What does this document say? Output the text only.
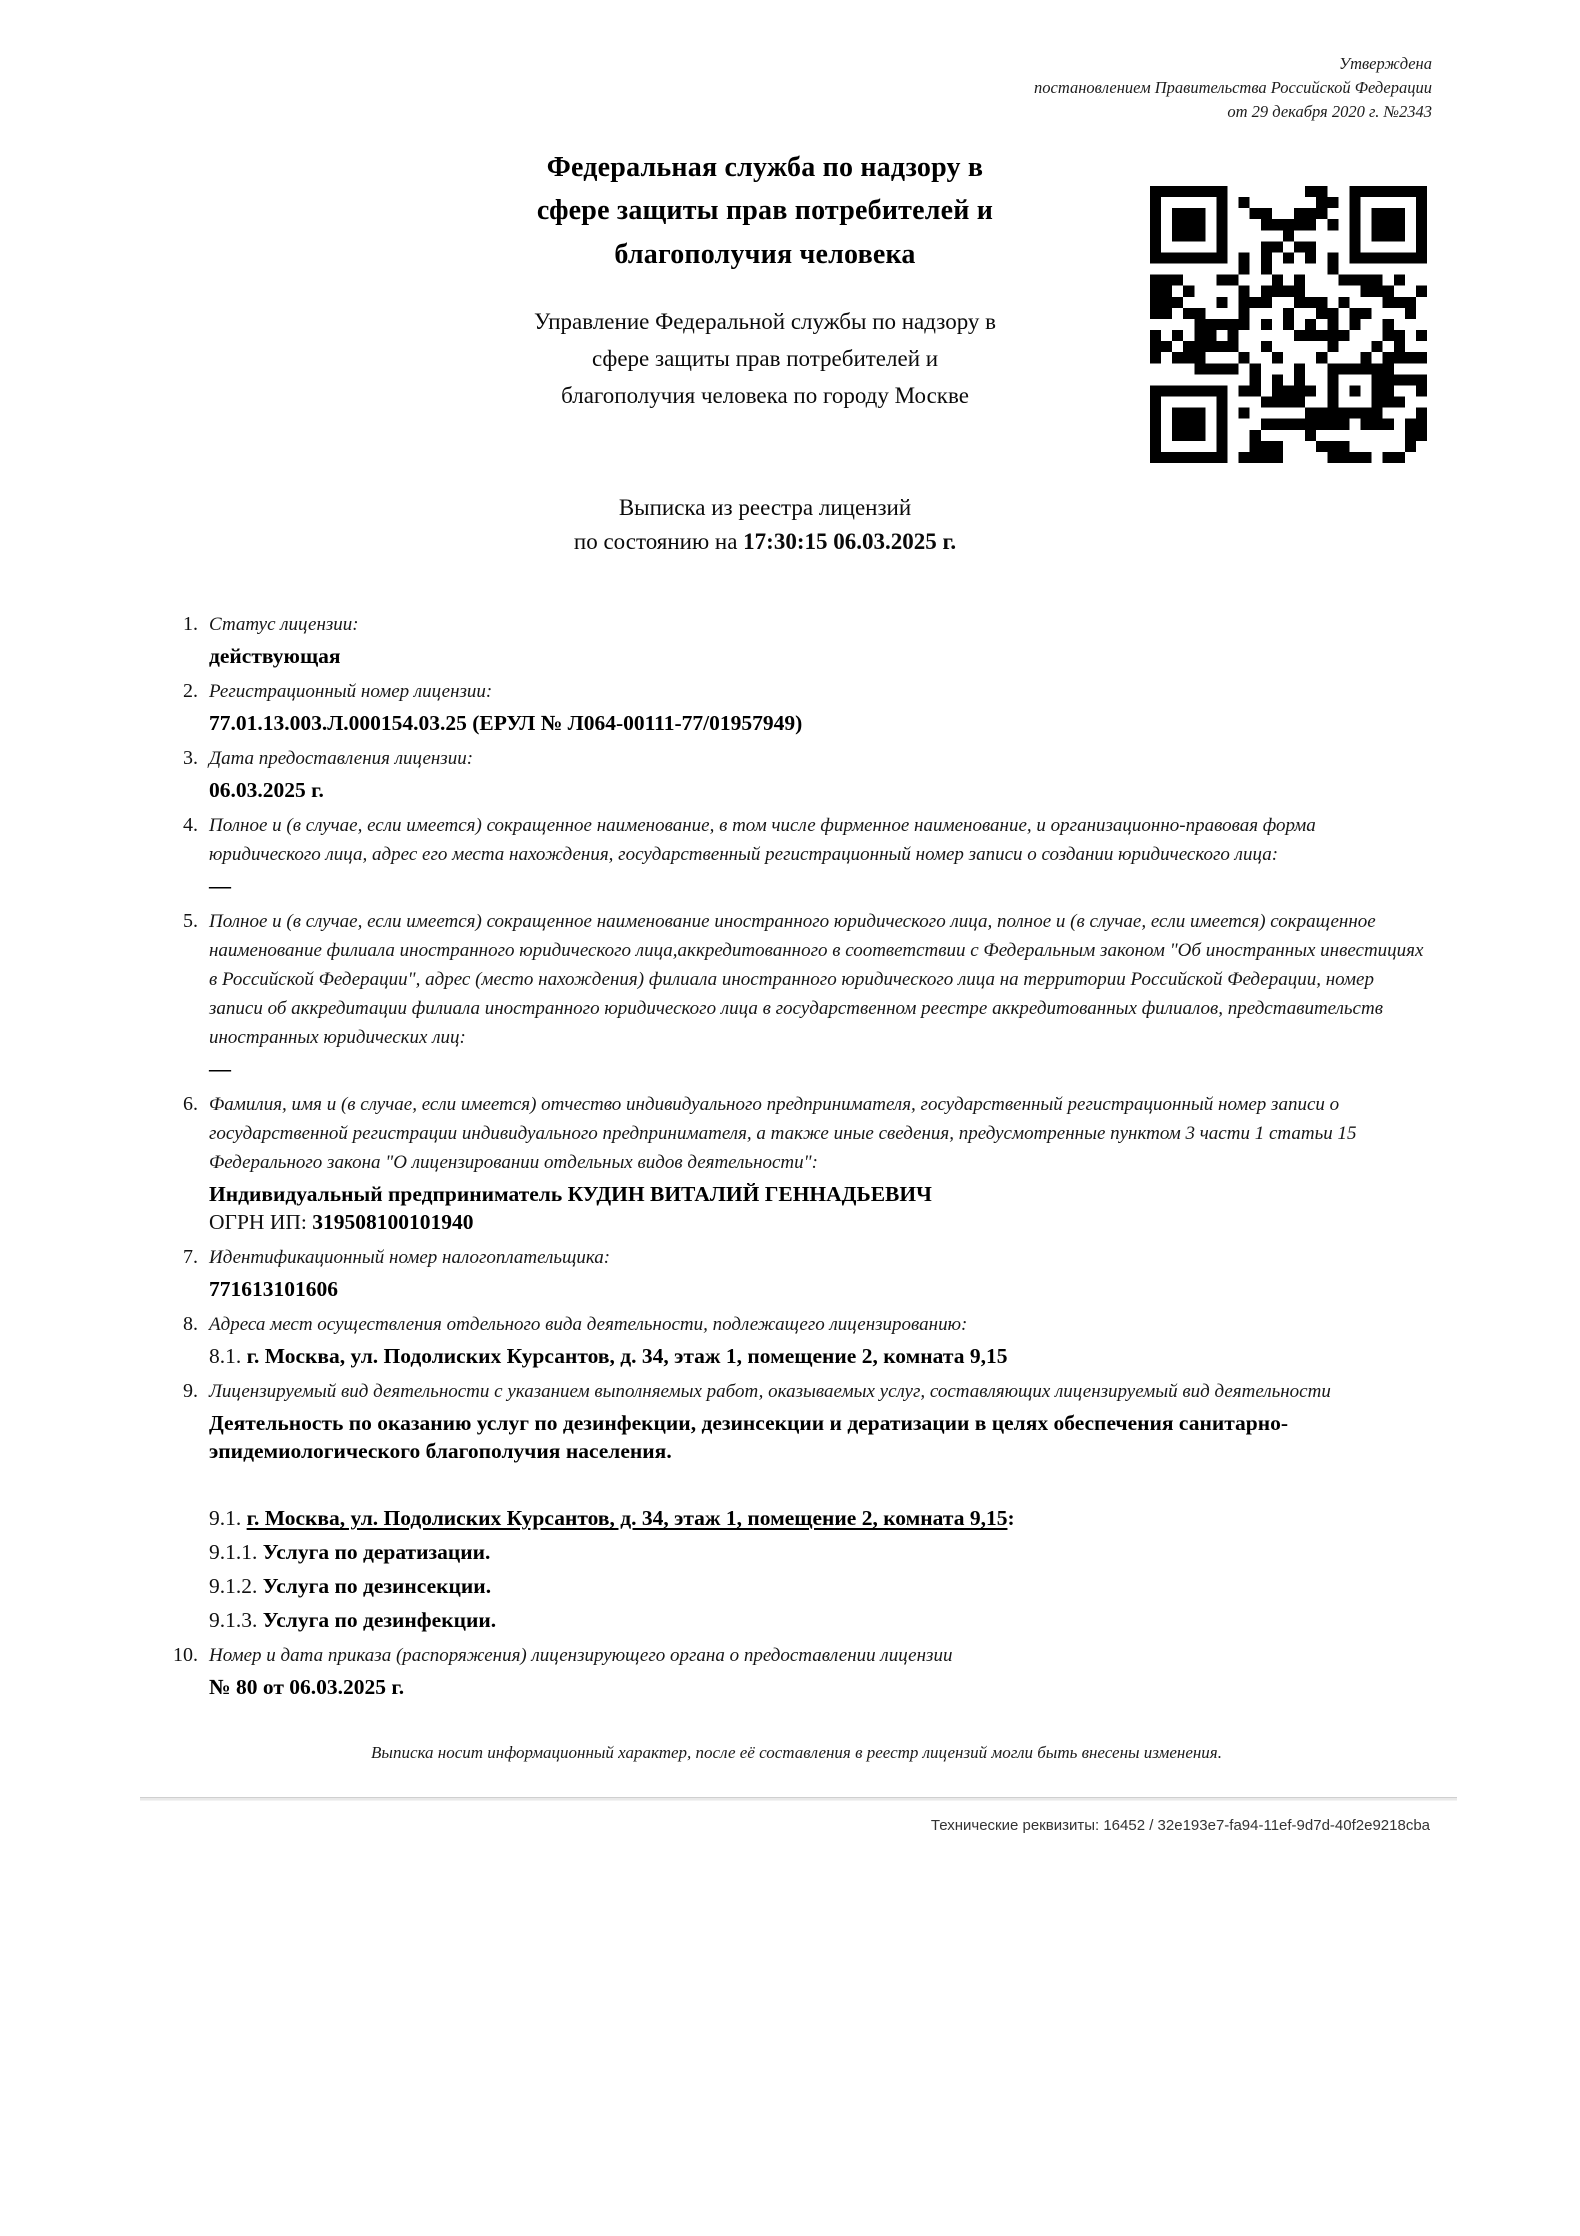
Утверждена
постановлением Правительства Российской Федерации
от 29 декабря 2020 г. №2343
Федеральная служба по надзору в
сфере защиты прав потребителей и
благополучия человека
Управление Федеральной службы по надзору в
сфере защиты прав потребителей и
благополучия человека по городу Москве
Выписка из реестра лицензий
по состоянию на 17:30:15 06.03.2025 г.
1. Статус лицензии:
действующая
2. Регистрационный номер лицензии:
77.01.13.003.Л.000154.03.25 (ЕРУЛ № Л064-00111-77/01957949)
3. Дата предоставления лицензии:
06.03.2025 г.
4. Полное и (в случае, если имеется) сокращенное наименование, в том числе фирменное наименование, и организационно-правовая форма юридического лица, адрес его места нахождения, государственный регистрационный номер записи о создании юридического лица:
—
5. Полное и (в случае, если имеется) сокращенное наименование иностранного юридического лица, полное и (в случае, если имеется) сокращенное наименование филиала иностранного юридического лица,аккредитованного в соответствии с Федеральным законом "Об иностранных инвестициях в Российской Федерации", адрес (место нахождения) филиала иностранного юридического лица на территории Российской Федерации, номер записи об аккредитации филиала иностранного юридического лица в государственном реестре аккредитованных филиалов, представительств иностранных юридических лиц:
—
6. Фамилия, имя и (в случае, если имеется) отчество индивидуального предпринимателя, государственный регистрационный номер записи о государственной регистрации индивидуального предпринимателя, а также иные сведения, предусмотренные пунктом 3 части 1 статьи 15 Федерального закона "О лицензировании отдельных видов деятельности":
Индивидуальный предприниматель КУДИН ВИТАЛИЙ ГЕННАДЬЕВИЧ
ОГРН ИП: 319508100101940
7. Идентификационный номер налогоплательщика:
771613101606
8. Адреса мест осуществления отдельного вида деятельности, подлежащего лицензированию:
8.1. г. Москва, ул. Подолиских Курсантов, д. 34, этаж 1, помещение 2, комната 9,15
9. Лицензируемый вид деятельности с указанием выполняемых работ, оказываемых услуг, составляющих лицензируемый вид деятельности
Деятельность по оказанию услуг по дезинфекции, дезинсекции и дератизации в целях обеспечения санитарно-эпидемиологического благополучия населения.
9.1. г. Москва, ул. Подолиских Курсантов, д. 34, этаж 1, помещение 2, комната 9,15:
9.1.1. Услуга по дератизации.
9.1.2. Услуга по дезинсекции.
9.1.3. Услуга по дезинфекции.
10. Номер и дата приказа (распоряжения) лицензирующего органа о предоставлении лицензии
№ 80 от 06.03.2025 г.
Выписка носит информационный характер, после её составления в реестр лицензий могли быть внесены изменения.
Технические реквизиты: 16452 / 32e193e7-fa94-11ef-9d7d-40f2e9218cba
